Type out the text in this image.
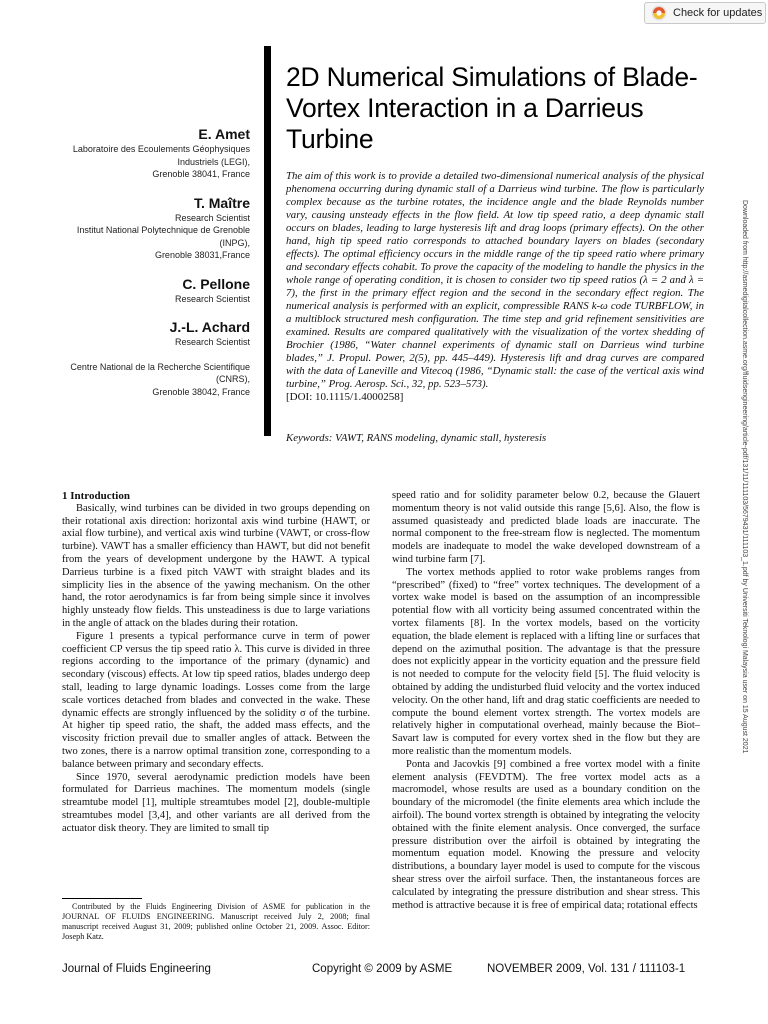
Check for updates
2D Numerical Simulations of Blade-Vortex Interaction in a Darrieus Turbine
E. Amet
Laboratoire des Ecoulements Géophysiques
Industriels (LEGI),
Grenoble 38041, France
T. Maître
Research Scientist
Institut National Polytechnique de Grenoble
(INPG),
Grenoble 38031,France
C. Pellone
Research Scientist
J.-L. Achard
Research Scientist
Centre National de la Recherche Scientifique
(CNRS),
Grenoble 38042, France

The aim of this work is to provide a detailed two-dimensional numerical analysis of the physical phenomena occurring during dynamic stall of a Darrieus wind turbine. The flow is particularly complex because as the turbine rotates, the incidence angle and the blade Reynolds number vary, causing unsteady effects in the flow field. At low tip speed ratio, a deep dynamic stall occurs on blades, leading to large hysteresis lift and drag loops (primary effects). On the other hand, high tip speed ratio corresponds to attached boundary layers on blades (secondary effects). The optimal efficiency occurs in the middle range of the tip speed ratio where primary and secondary effects cohabit. To prove the capacity of the modeling to handle the physics in the whole range of operating condition, it is chosen to consider two tip speed ratios (λ = 2 and λ = 7), the first in the primary effect region and the second in the secondary effect region. The numerical analysis is performed with an explicit, compressible RANS k-ω code TURBFLOW, in a multiblock structured mesh configuration. The time step and grid refinement sensitivities are examined. Results are compared qualitatively with the visualization of the vortex shedding of Brochier (1986, “Water channel experiments of dynamic stall on Darrieus wind turbine blades,” J. Propul. Power, 2(5), pp. 445–449). Hysteresis lift and drag curves are compared with the data of Laneville and Vitecoq (1986, “Dynamic stall: the case of the vertical axis wind turbine,” Prog. Aerosp. Sci., 32, pp. 523–573).

[DOI: 10.1115/1.4000258]
Keywords: VAWT, RANS modeling, dynamic stall, hysteresis	Downloaded from http://asmedigitalcollection.asme.org/fluidsengineering/article-pdf/131/11/111103/5679431/111103_1.pdf by Universiti Teknologi Malaysia user on 15 August 2021

1 Introduction

Basically, wind turbines can be divided in two groups depending on their rotational axis direction: horizontal axis wind turbine (HAWT, or axial flow turbine), and vertical axis wind turbine (VAWT, or cross-flow turbine). VAWT has a smaller efficiency than HAWT, but did not benefit from the years of development undergone by the HAWT. A typical Darrieus turbine is a fixed pitch VAWT with straight blades and its simplicity lies in the absence of the yawing mechanism. On the other hand, the rotor aerodynamics is far from being simple since it involves highly unsteady flow fields. This unsteadiness is due to large variations in the angle of attack on the blades during their rotation.

Figure 1 presents a typical performance curve in term of power coefficient CP versus the tip speed ratio λ. This curve is divided in three regions according to the importance of the primary (dynamic) and secondary (viscous) effects. At low tip speed ratios, blades undergo deep stall, leading to large dynamic loadings. Losses come from the large scale vortices detached from blades and convected in the wake. These dynamic effects are strongly influenced by the solidity σ of the turbine. At higher tip speed ratio, the shaft, the added mass effects, and the viscosity friction prevail due to smaller angles of attack. Between the two zones, there is a narrow optimal transition zone, corresponding to a balance between primary and secondary effects.

Since 1970, several aerodynamic prediction models have been formulated for Darrieus machines. The momentum models (single streamtube model [1], multiple streamtubes model [2], double-multiple streamtubes model [3,4], and other variants are all derived from the actuator disk theory. They are limited to small tip

Contributed by the Fluids Engineering Division of ASME for publication in the JOURNAL OF FLUIDS ENGINEERING. Manuscript received July 2, 2008; final manuscript received August 31, 2009; published online October 21, 2009. Assoc. Editor: Joseph Katz.

speed ratio and for solidity parameter below 0.2, because the Glauert momentum theory is not valid outside this range [5,6]. Also, the flow is assumed quasisteady and predicted blade loads are inaccurate. The normal component to the free-stream flow is neglected. The momentum models are inadequate to model the wake developed downstream of a wind turbine farm [7].

The vortex methods applied to rotor wake problems ranges from “prescribed” (fixed) to “free” vortex techniques. The development of a vortex wake model is based on the assumption of an incompressible potential flow with all vorticity being assumed concentrated within the vortex filaments [8]. In the vortex models, based on the vorticity equation, the blade element is replaced with a lifting line or surfaces that depend on the azimuthal position. The advantage is that the pressure does not explicitly appear in the vorticity equation and the pressure field is not needed to compute for the velocity field [5]. The fluid velocity is obtained by adding the undisturbed fluid velocity and the vortex induced velocity. On the other hand, lift and drag static coefficients are needed to compute the bound element vortex strength. The vortex models are relatively higher in computational overhead, mainly because the Biot–Savart law is computed for every vortex shed in the flow but they are more realistic than the momentum models.

Ponta and Jacovkis [9] combined a free vortex model with a finite element analysis (FEVDTM). The free vortex model acts as a macromodel, whose results are used as a boundary condition on the boundary of the micromodel (the finite elements area which include the airfoil). The bound vortex strength is obtained by integrating the velocity obtained with the finite element analysis. Once converged, the surface pressure distribution over the airfoil is obtained by integrating the momentum equation model. Knowing the pressure and velocity distributions, a boundary layer model is used to compute for the viscous shear stress over the airfoil surface. Then, the instantaneous forces are calculated by integrating the pressure distribution and shear stress. This method is attractive because it is free of empirical data; rotational effects

Journal of Fluids Engineering	Copyright © 2009 by ASME	NOVEMBER 2009, Vol. 131 / 111103-1
